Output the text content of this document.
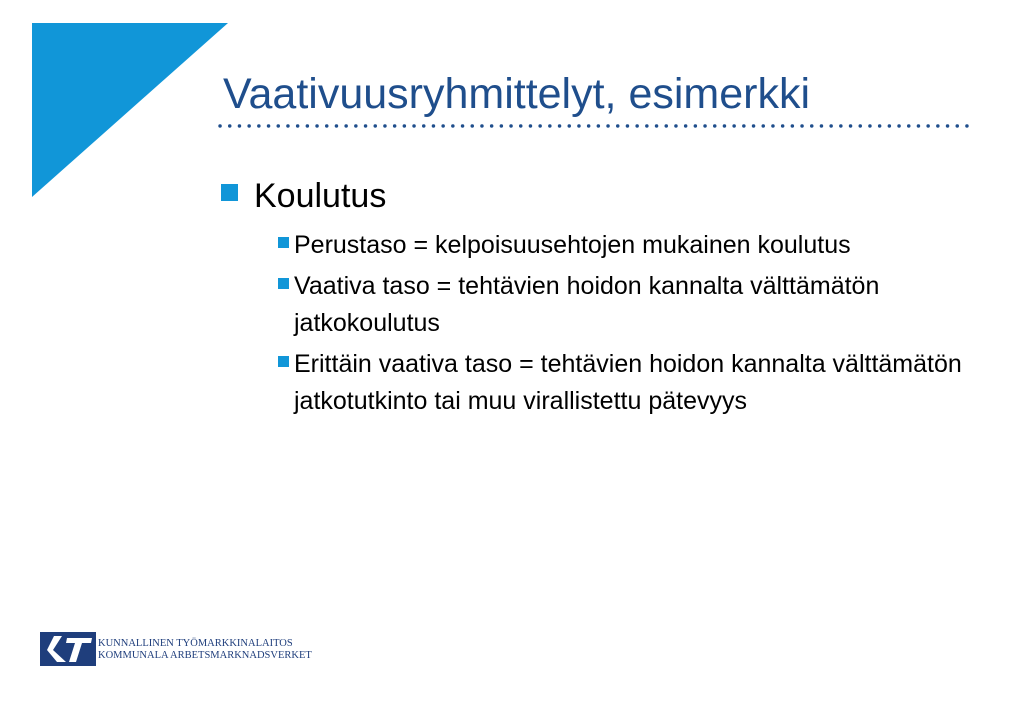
Vaativuusryhmittelyt, esimerkki
Koulutus
Perustaso = kelpoisuusehtojen mukainen koulutus
Vaativa taso = tehtävien hoidon kannalta välttämätön jatkokoulutus
Erittäin vaativa taso = tehtävien hoidon kannalta välttämätön jatkotutkinto tai muu virallistettu pätevyys
KUNNALLINEN TYÖMARKKINALAITOS
KOMMUNALA ARBETSMARKNADSVERKET
